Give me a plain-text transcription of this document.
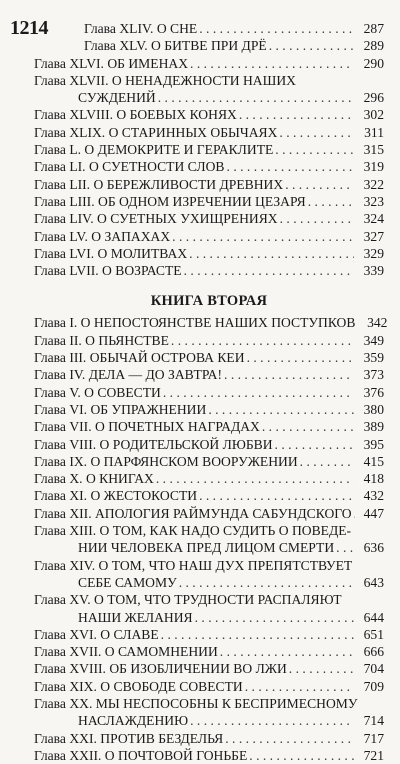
1214	Глава XLIV. О СНЕ . . .	287
Глава XLV. О БИТВЕ ПРИ ДРЁ . . .	289
Глава XLVI. ОБ ИМЕНАХ . . .	290
Глава XLVII. О НЕНАДЕЖНОСТИ НАШИХ
СУЖДЕНИЙ . . .	296
Глава XLVIII. О БОЕВЫХ КОНЯХ . . .	302
Глава XLIX. О СТАРИННЫХ ОБЫЧАЯХ . . .	311
Глава L. О ДЕМОКРИТЕ И ГЕРАКЛИТЕ . . .	315
Глава LI. О СУЕТНОСТИ СЛОВ . . .	319
Глава LII. О БЕРЕЖЛИВОСТИ ДРЕВНИХ . . .	322
Глава LIII. ОБ ОДНОМ ИЗРЕЧЕНИИ ЦЕЗАРЯ . . .	323
Глава LIV. О СУЕТНЫХ УХИЩРЕНИЯХ . . .	324
Глава LV. О ЗАПАХАХ . . .	327
Глава LVI. О МОЛИТВАХ . . .	329
Глава LVII. О ВОЗРАСТЕ . . .	339
КНИГА ВТОРАЯ
Глава I. О НЕПОСТОЯНСТВЕ НАШИХ ПОСТУПКОВ 342
Глава II. О ПЬЯНСТВЕ . . .	349
Глава III. ОБЫЧАЙ ОСТРОВА КЕИ . . .	359
Глава IV. ДЕЛА — ДО ЗАВТРА! . . .	373
Глава V. О СОВЕСТИ . . .	376
Глава VI. ОБ УПРАЖНЕНИИ . . .	380
Глава VII. О ПОЧЕТНЫХ НАГРАДАХ . . .	389
Глава VIII. О РОДИТЕЛЬСКОЙ ЛЮБВИ . . .	395
Глава IX. О ПАРФЯНСКОМ ВООРУЖЕНИИ . . .	415
Глава X. О КНИГАХ . . .	418
Глава XI. О ЖЕСТОКОСТИ . . .	432
Глава XII. АПОЛОГИЯ РАЙМУНДА САБУНДСКОГО . . . 447
Глава XIII. О ТОМ, КАК НАДО СУДИТЬ О ПОВЕДЕ-
НИИ ЧЕЛОВЕКА ПРЕД ЛИЦОМ СМЕРТИ . . .	636
Глава XIV. О ТОМ, ЧТО НАШ ДУХ ПРЕПЯТСТВУЕТ
СЕБЕ САМОМУ . . .	643
Глава XV. О ТОМ, ЧТО ТРУДНОСТИ РАСПАЛЯЮТ
НАШИ ЖЕЛАНИЯ . . .	644
Глава XVI. О СЛАВЕ . . .	651
Глава XVII. О САМОМНЕНИИ . . .	666
Глава XVIII. ОБ ИЗОБЛИЧЕНИИ ВО ЛЖИ . . .	704
Глава XIX. О СВОБОДЕ СОВЕСТИ . . .	709
Глава XX. МЫ НЕСПОСОБНЫ К БЕСПРИМЕСНОМУ
НАСЛАЖДЕНИЮ . . .	714
Глава XXI. ПРОТИВ БЕЗДЕЛЬЯ . . .	717
Глава XXII. О ПОЧТОВОЙ ГОНЬБЕ . . .	721
